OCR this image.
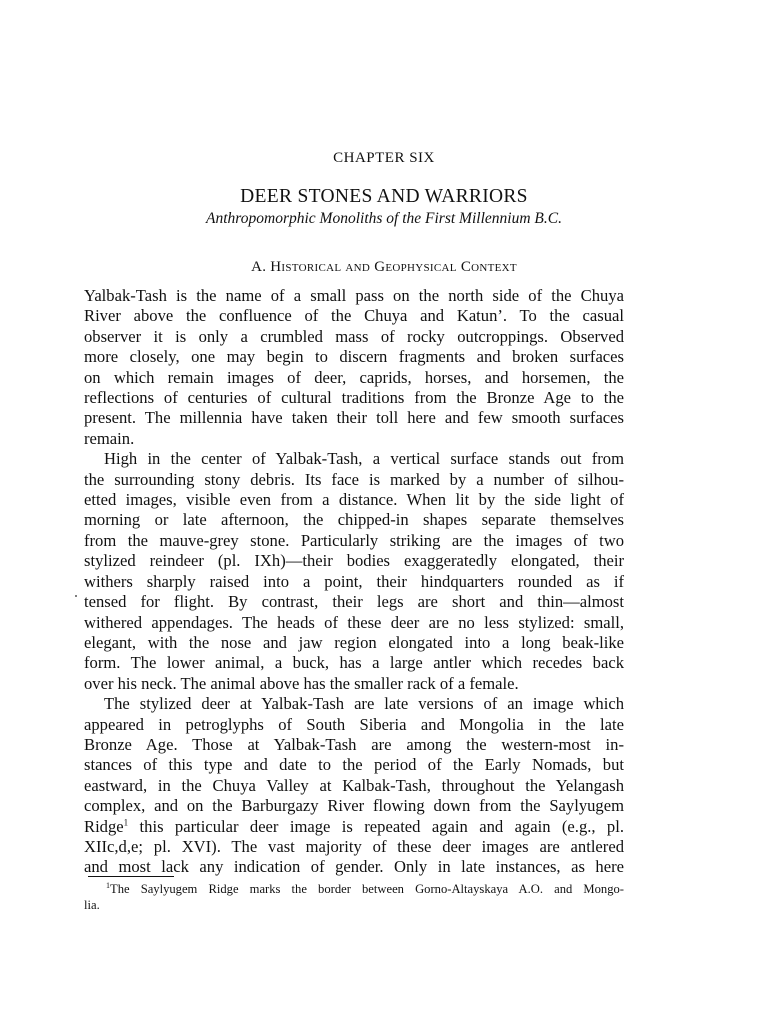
CHAPTER SIX
DEER STONES AND WARRIORS
Anthropomorphic Monoliths of the First Millennium B.C.
A. Historical and Geophysical Context
Yalbak-Tash is the name of a small pass on the north side of the Chuya
River above the confluence of the Chuya and Katun’. To the casual
observer it is only a crumbled mass of rocky outcroppings. Observed
more closely, one may begin to discern fragments and broken surfaces
on which remain images of deer, caprids, horses, and horsemen, the
reflections of centuries of cultural traditions from the Bronze Age to the
present. The millennia have taken their toll here and few smooth surfaces
remain.
High in the center of Yalbak-Tash, a vertical surface stands out from
the surrounding stony debris. Its face is marked by a number of silhou-
etted images, visible even from a distance. When lit by the side light of
morning or late afternoon, the chipped-in shapes separate themselves
from the mauve-grey stone. Particularly striking are the images of two
stylized reindeer (pl. IXh)—their bodies exaggeratedly elongated, their
withers sharply raised into a point, their hindquarters rounded as if
tensed for flight. By contrast, their legs are short and thin—almost
withered appendages. The heads of these deer are no less stylized: small,
elegant, with the nose and jaw region elongated into a long beak-like
form. The lower animal, a buck, has a large antler which recedes back
over his neck. The animal above has the smaller rack of a female.
The stylized deer at Yalbak-Tash are late versions of an image which
appeared in petroglyphs of South Siberia and Mongolia in the late
Bronze Age. Those at Yalbak-Tash are among the western-most in-
stances of this type and date to the period of the Early Nomads, but
eastward, in the Chuya Valley at Kalbak-Tash, throughout the Yelangash
complex, and on the Barburgazy River flowing down from the Saylyugem
Ridge$^1$ this particular deer image is repeated again and again (e.g., pl.
XIIc,d,e; pl. XVI). The vast majority of these deer images are antlered
and most lack any indication of gender. Only in late instances, as here
$^1$The Saylyugem Ridge marks the border between Gorno-Altayskaya A.O. and Mongo-
lia.
